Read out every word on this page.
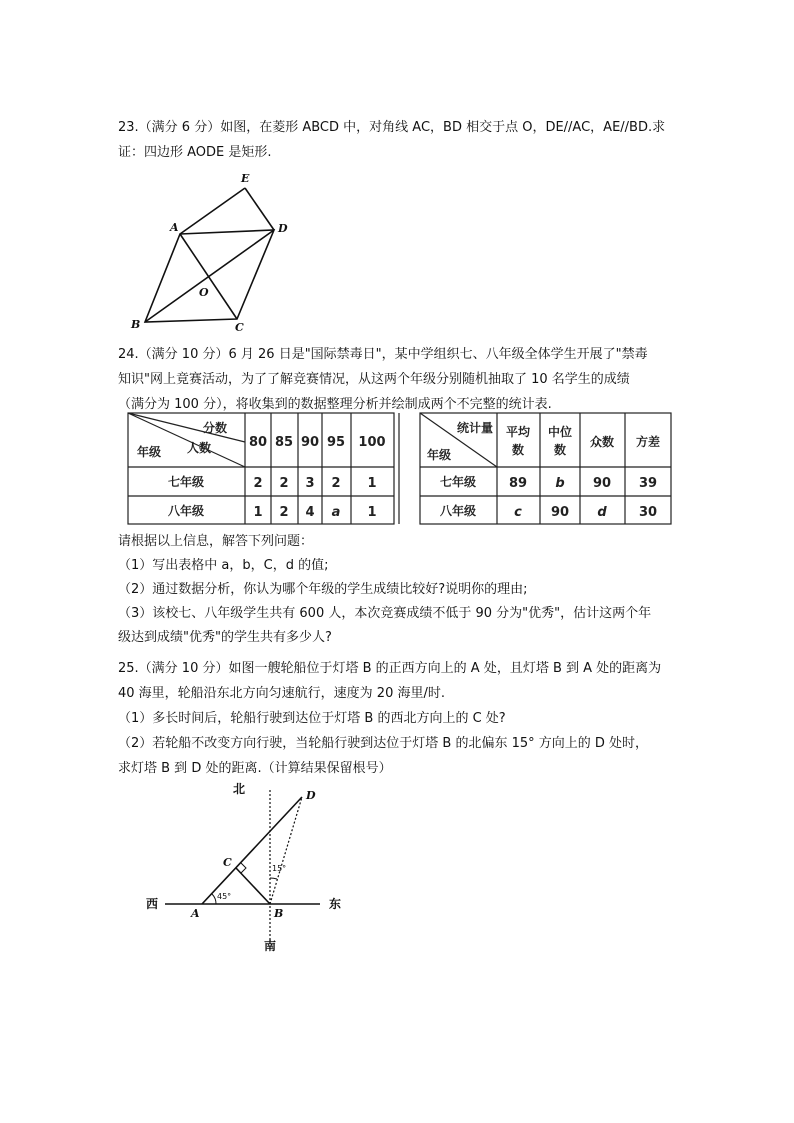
23.（满分 6 分）如图，在菱形 ABCD 中，对角线 AC，BD 相交于点 O，DE//AC，AE//BD.求
证：四边形 AODE 是矩形.
E
A	D
O
B	C
24.（满分 10 分）6 月 26 日是"国际禁毒日"，某中学组织七、八年级全体学生开展了"禁毒
知识"网上竟赛活动，为了了解竞赛情况，从这两个年级分别随机抽取了 10 名学生的成绩
（满分为 100 分），将收集到的数据整理分析并绘制成两个不完整的统计表.
分数
人数
年级
80 85 90 95 100
七年级	2 2 3 2 1
八年级	1 2 4 a 1
统计量
年级
平均
数
中位
数
众数 方差
七年级	89 b 90 39
八年级	c 90 d 30
请根据以上信息，解答下列问题：
（1）写出表格中 a，b，C，d 的值;
（2）通过数据分析，你认为哪个年级的学生成绩比较好?说明你的理由;
（3）该校七、八年级学生共有 600 人，本次竞赛成绩不低于 90 分为"优秀"，估计这两个年
级达到成绩"优秀"的学生共有多少人?
25.（满分 10 分）如图一艘轮船位于灯塔 B 的正西方向上的 A 处，且灯塔 B 到 A 处的距离为
40 海里，轮船沿东北方向匀速航行，速度为 20 海里/时.
（1）多长时间后，轮船行驶到达位于灯塔 B 的西北方向上的 C 处?
（2）若轮船不改变方向行驶，当轮船行驶到达位于灯塔 B 的北偏东 15° 方向上的 D 处时，
求灯塔 B 到 D 处的距离.（计算结果保留根号）
北
南
西	东
A	B
C
D
45°
15°
